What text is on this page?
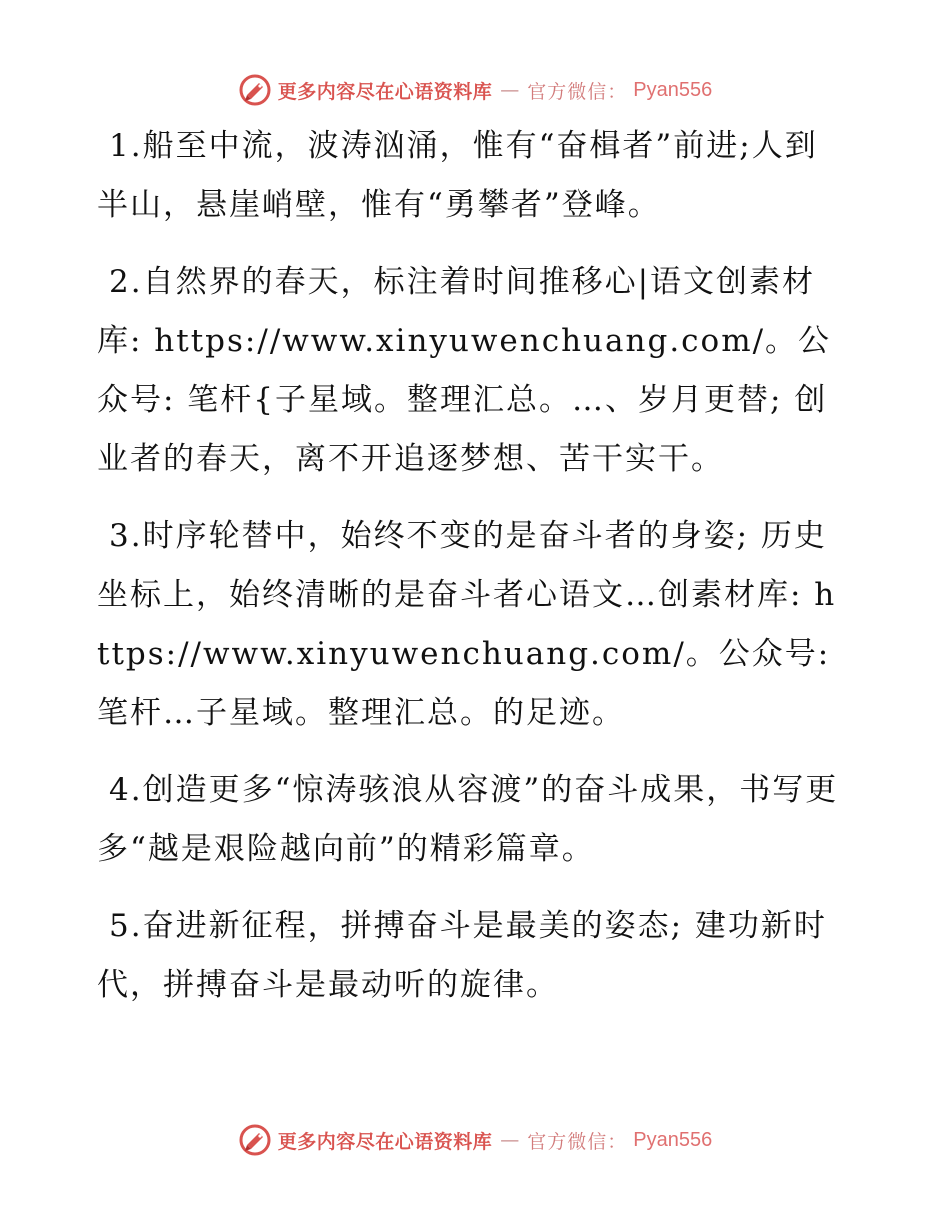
更多内容尽在心语资料库 — 官方微信： Pyan556

1.船至中流，波涛汹涌，惟有“奋楫者”前进;人到半山，悬崖峭壁，惟有“勇攀者”登峰。

2.自然界的春天，标注着时间推移心|语文创素材库: https://www.xinyuwenchuang.com/。公众号: 笔杆{子星域。整理汇总。…、岁月更替; 创业者的春天，离不开追逐梦想、苦干实干。

3.时序轮替中，始终不变的是奋斗者的身姿; 历史坐标上，始终清晰的是奋斗者心语文…创素材库: https://www.xinyuwenchuang.com/。公众号: 笔杆…子星域。整理汇总。的足迹。

4.创造更多“惊涛骇浪从容渡”的奋斗成果，书写更多“越是艰险越向前”的精彩篇章。

5.奋进新征程，拼搏奋斗是最美的姿态; 建功新时代，拼搏奋斗是最动听的旋律。

更多内容尽在心语资料库 — 官方微信： Pyan556
